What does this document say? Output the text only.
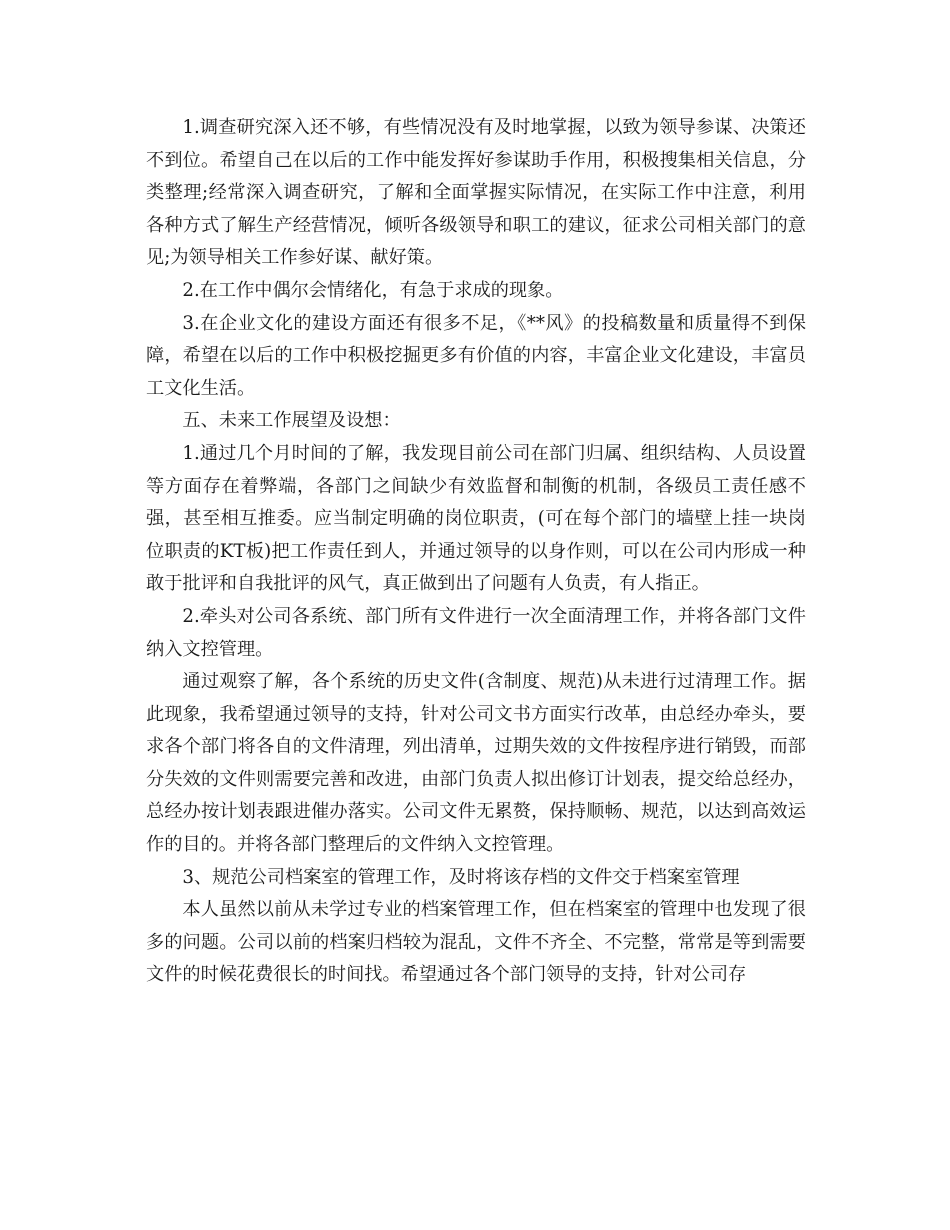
1.调查研究深入还不够，有些情况没有及时地掌握，以致为领导参谋、决策还不到位。希望自己在以后的工作中能发挥好参谋助手作用，积极搜集相关信息，分类整理;经常深入调查研究，了解和全面掌握实际情况，在实际工作中注意，利用各种方式了解生产经营情况，倾听各级领导和职工的建议，征求公司相关部门的意见;为领导相关工作参好谋、献好策。

2.在工作中偶尔会情绪化，有急于求成的现象。

3.在企业文化的建设方面还有很多不足，《**风》的投稿数量和质量得不到保障，希望在以后的工作中积极挖掘更多有价值的内容，丰富企业文化建设，丰富员工文化生活。

五、未来工作展望及设想：

1.通过几个月时间的了解，我发现目前公司在部门归属、组织结构、人员设置等方面存在着弊端，各部门之间缺少有效监督和制衡的机制，各级员工责任感不强，甚至相互推委。应当制定明确的岗位职责，(可在每个部门的墙壁上挂一块岗位职责的KT板)把工作责任到人，并通过领导的以身作则，可以在公司内形成一种敢于批评和自我批评的风气，真正做到出了问题有人负责，有人指正。

2.牵头对公司各系统、部门所有文件进行一次全面清理工作，并将各部门文件纳入文控管理。

通过观察了解，各个系统的历史文件(含制度、规范)从未进行过清理工作。据此现象，我希望通过领导的支持，针对公司文书方面实行改革，由总经办牵头，要求各个部门将各自的文件清理，列出清单，过期失效的文件按程序进行销毁，而部分失效的文件则需要完善和改进，由部门负责人拟出修订计划表，提交给总经办，总经办按计划表跟进催办落实。公司文件无累赘，保持顺畅、规范，以达到高效运作的目的。并将各部门整理后的文件纳入文控管理。

3、规范公司档案室的管理工作，及时将该存档的文件交于档案室管理

本人虽然以前从未学过专业的档案管理工作，但在档案室的管理中也发现了很多的问题。公司以前的档案归档较为混乱，文件不齐全、不完整，常常是等到需要文件的时候花费很长的时间找。希望通过各个部门领导的支持，针对公司存
